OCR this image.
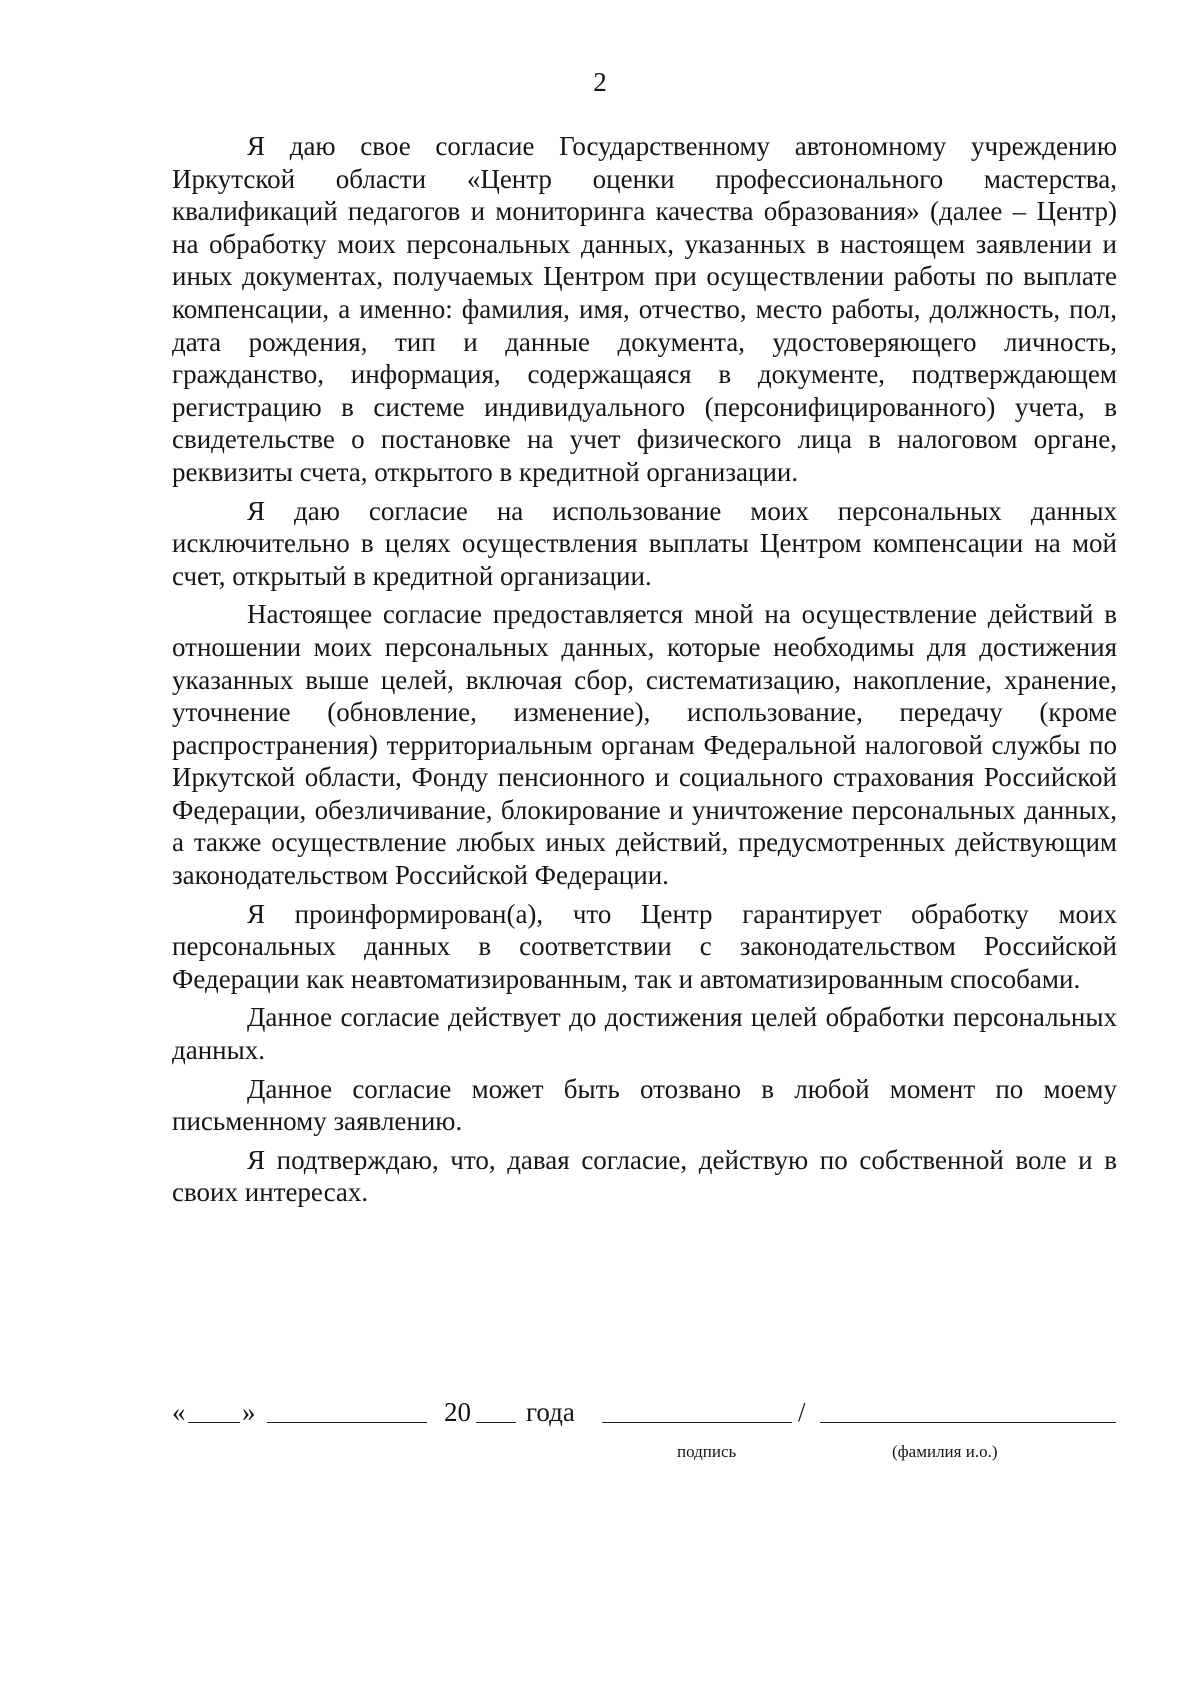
2

Я даю свое согласие Государственному автономному учреждению Иркутской области «Центр оценки профессионального мастерства, квалификаций педагогов и мониторинга качества образования» (далее – Центр) на обработку моих персональных данных, указанных в настоящем заявлении и иных документах, получаемых Центром при осуществлении работы по выплате компенсации, а именно: фамилия, имя, отчество, место работы, должность, пол, дата рождения, тип и данные документа, удостоверяющего личность, гражданство, информация, содержащаяся в документе, подтверждающем регистрацию в системе индивидуального (персонифицированного) учета, в свидетельстве о постановке на учет физического лица в налоговом органе, реквизиты счета, открытого в кредитной организации.

Я даю согласие на использование моих персональных данных исключительно в целях осуществления выплаты Центром компенсации на мой счет, открытый в кредитной организации.

Настоящее согласие предоставляется мной на осуществление действий в отношении моих персональных данных, которые необходимы для достижения указанных выше целей, включая сбор, систематизацию, накопление, хранение, уточнение (обновление, изменение), использование, передачу (кроме распространения) территориальным органам Федеральной налоговой службы по Иркутской области, Фонду пенсионного и социального страхования Российской Федерации, обезличивание, блокирование и уничтожение персональных данных, а также осуществление любых иных действий, предусмотренных действующим законодательством Российской Федерации.

Я проинформирован(а), что Центр гарантирует обработку моих персональных данных в соответствии с законодательством Российской Федерации как неавтоматизированным, так и автоматизированным способами.

Данное согласие действует до достижения целей обработки персональных данных.

Данное согласие может быть отозвано в любой момент по моему письменному заявлению.

Я подтверждаю, что, давая согласие, действую по собственной воле и в своих интересах.

« »	20 года	/
подпись	(фамилия и.о.)
